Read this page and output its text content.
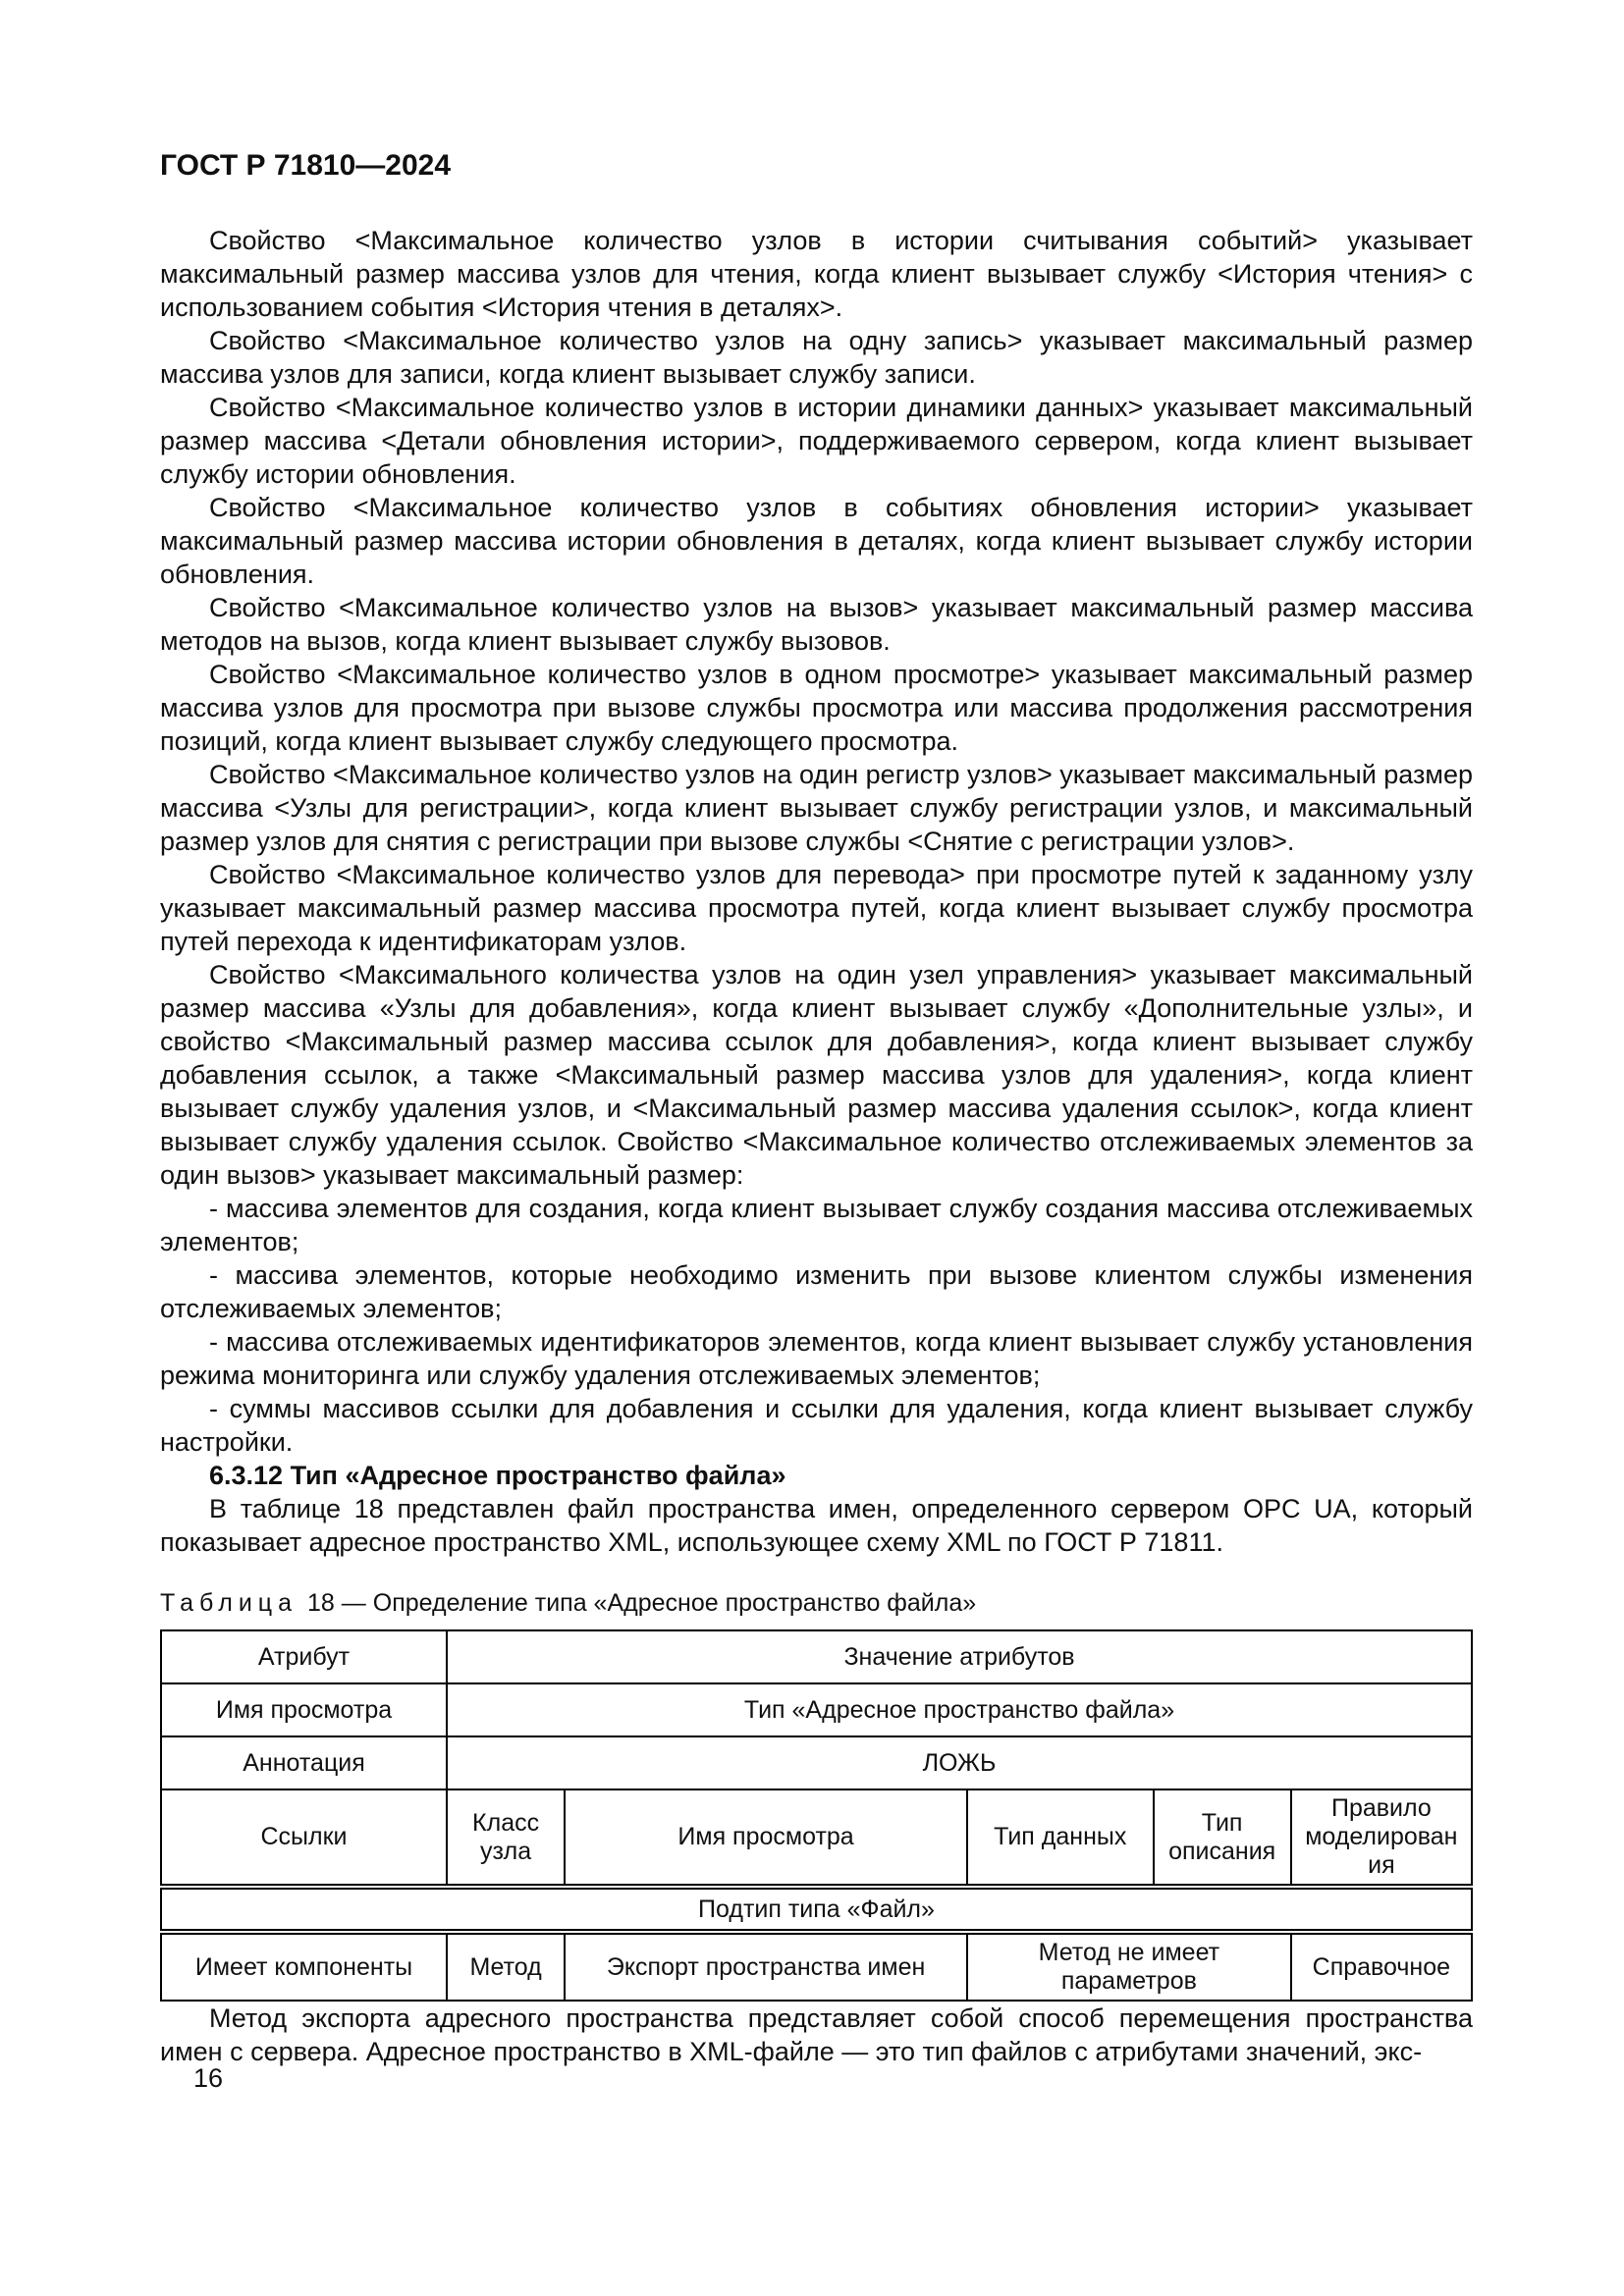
ГОСТ Р 71810—2024

Свойство <Максимальное количество узлов в истории считывания событий> указывает максимальный размер массива узлов для чтения, когда клиент вызывает службу <История чтения> с использованием события <История чтения в деталях>.

Свойство <Максимальное количество узлов на одну запись> указывает максимальный размер массива узлов для записи, когда клиент вызывает службу записи.

Свойство <Максимальное количество узлов в истории динамики данных> указывает максимальный размер массива <Детали обновления истории>, поддерживаемого сервером, когда клиент вызывает службу истории обновления.

Свойство <Максимальное количество узлов в событиях обновления истории> указывает максимальный размер массива истории обновления в деталях, когда клиент вызывает службу истории обновления.

Свойство <Максимальное количество узлов на вызов> указывает максимальный размер массива методов на вызов, когда клиент вызывает службу вызовов.

Свойство <Максимальное количество узлов в одном просмотре> указывает максимальный размер массива узлов для просмотра при вызове службы просмотра или массива продолжения рассмотрения позиций, когда клиент вызывает службу следующего просмотра.

Свойство <Максимальное количество узлов на один регистр узлов> указывает максимальный размер массива <Узлы для регистрации>, когда клиент вызывает службу регистрации узлов, и максимальный размер узлов для снятия с регистрации при вызове службы <Снятие с регистрации узлов>.

Свойство <Максимальное количество узлов для перевода> при просмотре путей к заданному узлу указывает максимальный размер массива просмотра путей, когда клиент вызывает службу просмотра путей перехода к идентификаторам узлов.

Свойство <Максимального количества узлов на один узел управления> указывает максимальный размер массива «Узлы для добавления», когда клиент вызывает службу «Дополнительные узлы», и свойство <Максимальный размер массива ссылок для добавления>, когда клиент вызывает службу добавления ссылок, а также <Максимальный размер массива узлов для удаления>, когда клиент вызывает службу удаления узлов, и <Максимальный размер массива удаления ссылок>, когда клиент вызывает службу удаления ссылок. Свойство <Максимальное количество отслеживаемых элементов за один вызов> указывает максимальный размер:

- массива элементов для создания, когда клиент вызывает службу создания массива отслеживаемых элементов;

- массива элементов, которые необходимо изменить при вызове клиентом службы изменения отслеживаемых элементов;

- массива отслеживаемых идентификаторов элементов, когда клиент вызывает службу установления режима мониторинга или службу удаления отслеживаемых элементов;

- суммы массивов ссылки для добавления и ссылки для удаления, когда клиент вызывает службу настройки.

6.3.12 Тип «Адресное пространство файла»

В таблице 18 представлен файл пространства имен, определенного сервером OPC UA, который показывает адресное пространство XML, использующее схему XML по ГОСТ Р 71811.

Таблица 18 — Определение типа «Адресное пространство файла»
Атрибут	Значение атрибутов				
Имя просмотра	Тип «Адресное пространство файла»				
Аннотация	ЛОЖЬ				
Ссылки	Класс узла	Имя просмотра	Тип данных	Тип описания	Правило моделирования
Подтип типа «Файл»					
Имеет компоненты	Метод	Экспорт пространства имен	Метод не имеет параметров		Справочное

Метод экспорта адресного пространства представляет собой способ перемещения пространства имен с сервера. Адресное пространство в XML-файле — это тип файлов с атрибутами значений, экс-

16
